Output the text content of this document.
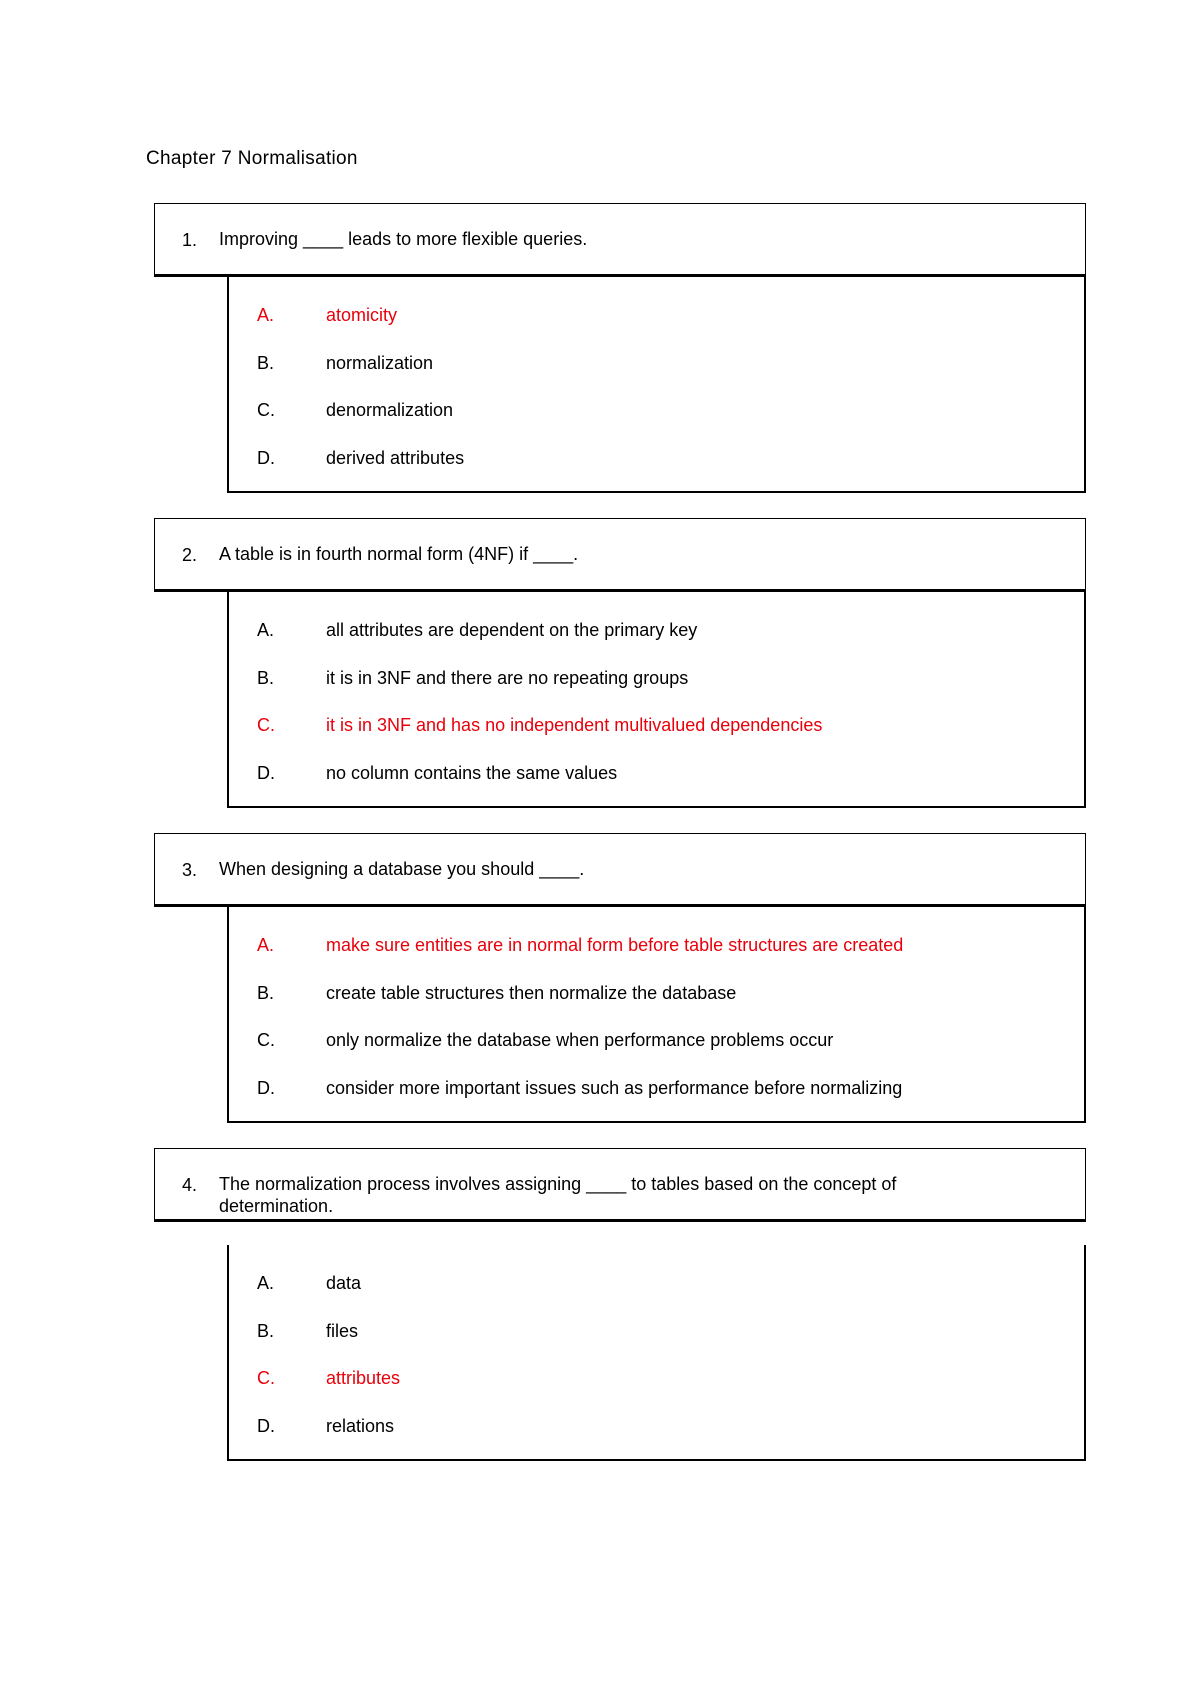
Chapter 7 Normalisation
1. Improving ____ leads to more flexible queries.
A.	atomicity
B.	normalization
C.	denormalization
D.	derived attributes
2. A table is in fourth normal form (4NF) if ____.
A.	all attributes are dependent on the primary key
B.	it is in 3NF and there are no repeating groups
C.	it is in 3NF and has no independent multivalued dependencies
D.	no column contains the same values
3. When designing a database you should ____.
A.	make sure entities are in normal form before table structures are created
B.	create table structures then normalize the database
C.	only normalize the database when performance problems occur
D.	consider more important issues such as performance before normalizing
4. The normalization process involves assigning ____ to tables based on the concept of determination.
A.	data
B.	files
C.	attributes
D.	relations
